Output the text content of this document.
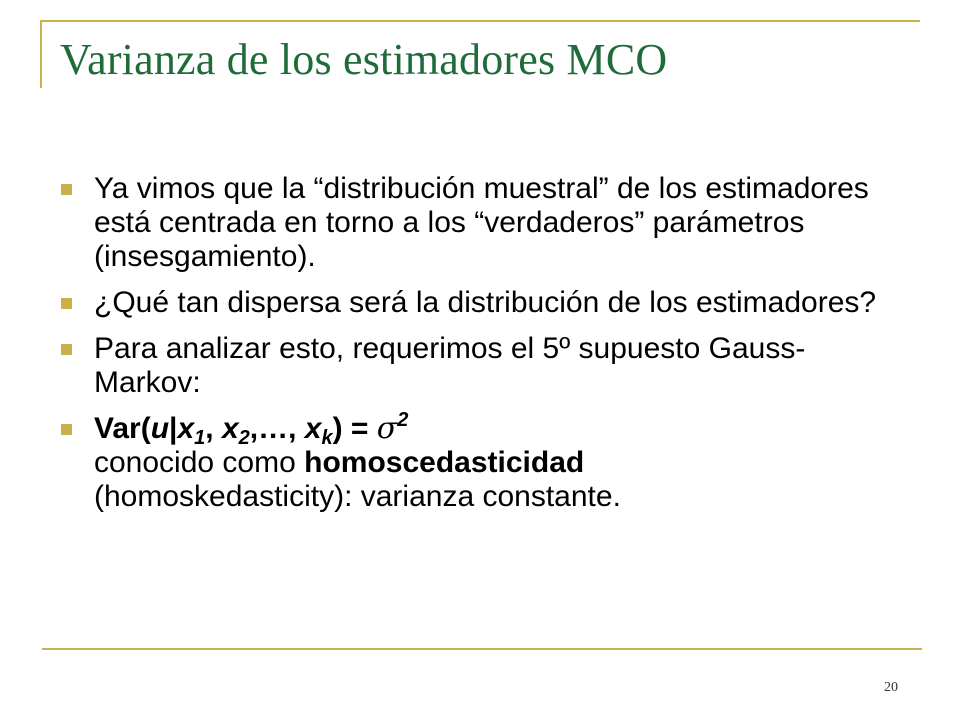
Varianza de los estimadores MCO
Ya vimos que la “distribución muestral” de los estimadores está centrada en torno a los “verdaderos” parámetros (insesgamiento).
¿Qué tan dispersa será la distribución de los estimadores?
Para analizar esto, requerimos el 5º supuesto Gauss-Markov:
$Var(u|x_1$, $x_2,\dots$, $x_k) = \sigma^2$
conocido como homoscedasticidad
(homoskedasticity): varianza constante.
20
